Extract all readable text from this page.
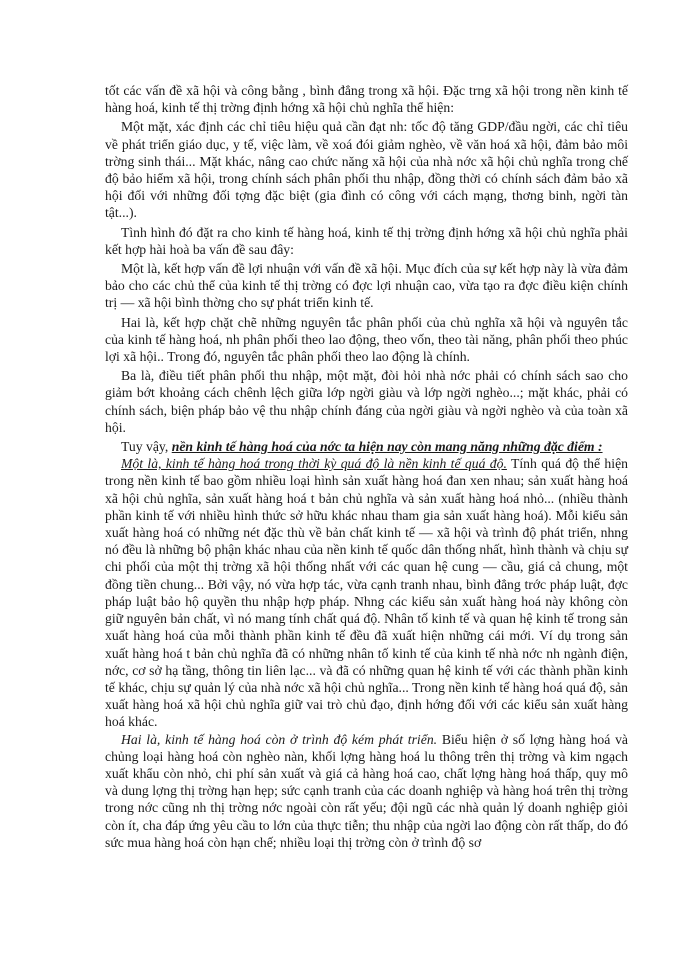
tốt các vấn đề xã hội và công bằng , bình đẳng trong xã hội. Đặc trng xã hội trong nền kinh tế hàng hoá, kinh tế thị trờng định hớng xã hội chủ nghĩa thể hiện:

Một mặt, xác định các chỉ tiêu hiệu quả cần đạt nh: tốc độ tăng GDP/đầu ngời, các chỉ tiêu về phát triển giáo dục, y tế, việc làm, về xoá đói giảm nghèo, về văn hoá xã hội, đảm bảo môi trờng sinh thái... Mặt khác, nâng cao chức năng xã hội của nhà nớc xã hội chủ nghĩa trong chế độ bảo hiểm xã hội, trong chính sách phân phối thu nhập, đồng thời có chính sách đảm bảo xã hội đối với những đối tợng đặc biệt (gia đình có công với cách mạng, thơng binh, ngời tàn tật...).

Tình hình đó đặt ra cho kinh tế hàng hoá, kinh tế thị trờng định hớng xã hội chủ nghĩa phải kết hợp hài hoà ba vấn đề sau đây:

Một là, kết hợp vấn đề lợi nhuận với vấn đề xã hội. Mục đích của sự kết hợp này là vừa đảm bảo cho các chủ thể của kinh tế thị trờng có đợc lợi nhuận cao, vừa tạo ra đợc điều kiện chính trị — xã hội bình thờng cho sự phát triển kinh tế.

Hai là, kết hợp chặt chẽ những nguyên tắc phân phối của chủ nghĩa xã hội và nguyên tắc của kinh tế hàng hoá, nh phân phối theo lao động, theo vốn, theo tài năng, phân phối theo phúc lợi xã hội.. Trong đó, nguyên tắc phân phối theo lao động là chính.

Ba là, điều tiết phân phối thu nhập, một mặt, đòi hỏi nhà nớc phải có chính sách sao cho giảm bớt khoảng cách chênh lệch giữa lớp ngời giàu và lớp ngời nghèo...; mặt khác, phải có chính sách, biện pháp bảo vệ thu nhập chính đáng của ngời giàu và ngời nghèo và của toàn xã hội.

Tuy vậy, nền kinh tế hàng hoá của nớc ta hiện nay còn mang năng những đặc điểm :

Một là, kinh tế hàng hoá trong thời kỳ quá độ là nền kinh tế quá độ. Tính quá độ thể hiện trong nền kinh tế bao gồm nhiều loại hình sản xuất hàng hoá đan xen nhau; sản xuất hàng hoá xã hội chủ nghĩa, sản xuất hàng hoá t bản chủ nghĩa và sản xuất hàng hoá nhỏ... (nhiều thành phần kinh tế với nhiều hình thức sở hữu khác nhau tham gia sản xuất hàng hoá). Mỗi kiểu sản xuất hàng hoá có những nét đặc thù về bản chất kinh tế — xã hội và trình độ phát triển, nhng nó đều là những bộ phận khác nhau của nền kinh tế quốc dân thống nhất, hình thành và chịu sự chi phối của một thị trờng xã hội thống nhất với các quan hệ cung — cầu, giá cả chung, một đồng tiền chung... Bởi vậy, nó vừa hợp tác, vừa cạnh tranh nhau, bình đẳng trớc pháp luật, đợc pháp luật bảo hộ quyền thu nhập hợp pháp. Nhng các kiểu sản xuất hàng hoá này không còn giữ nguyên bản chất, vì nó mang tính chất quá độ. Nhân tố kinh tế và quan hệ kinh tế trong sản xuất hàng hoá của mỗi thành phần kinh tế đều đã xuất hiện những cái mới. Ví dụ trong sản xuất hàng hoá t bản chủ nghĩa đã có những nhân tố kinh tế của kinh tế nhà nớc nh ngành điện, nớc, cơ sở hạ tầng, thông tin liên lạc... và đã có những quan hệ kinh tế với các thành phần kinh tế khác, chịu sự quản lý của nhà nớc xã hội chủ nghĩa... Trong nền kinh tế hàng hoá quá độ, sản xuất hàng hoá xã hội chủ nghĩa giữ vai trò chủ đạo, định hớng đối với các kiểu sản xuất hàng hoá khác.

Hai là, kinh tế hàng hoá còn ở trình độ kém phát triển. Biểu hiện ở số lợng hàng hoá và chủng loại hàng hoá còn nghèo nàn, khối lợng hàng hoá lu thông trên thị trờng và kim ngạch xuất khẩu còn nhỏ, chi phí sản xuất và giá cả hàng hoá cao, chất lợng hàng hoá thấp, quy mô và dung lợng thị trờng hạn hẹp; sức cạnh tranh của các doanh nghiệp và hàng hoá trên thị trờng trong nớc cũng nh thị trờng nớc ngoài còn rất yếu; đội ngũ các nhà quản lý doanh nghiệp giỏi còn ít, cha đáp ứng yêu cầu to lớn của thực tiễn; thu nhập của ngời lao động còn rất thấp, do đó sức mua hàng hoá còn hạn chế; nhiều loại thị trờng còn ở trình độ sơ
